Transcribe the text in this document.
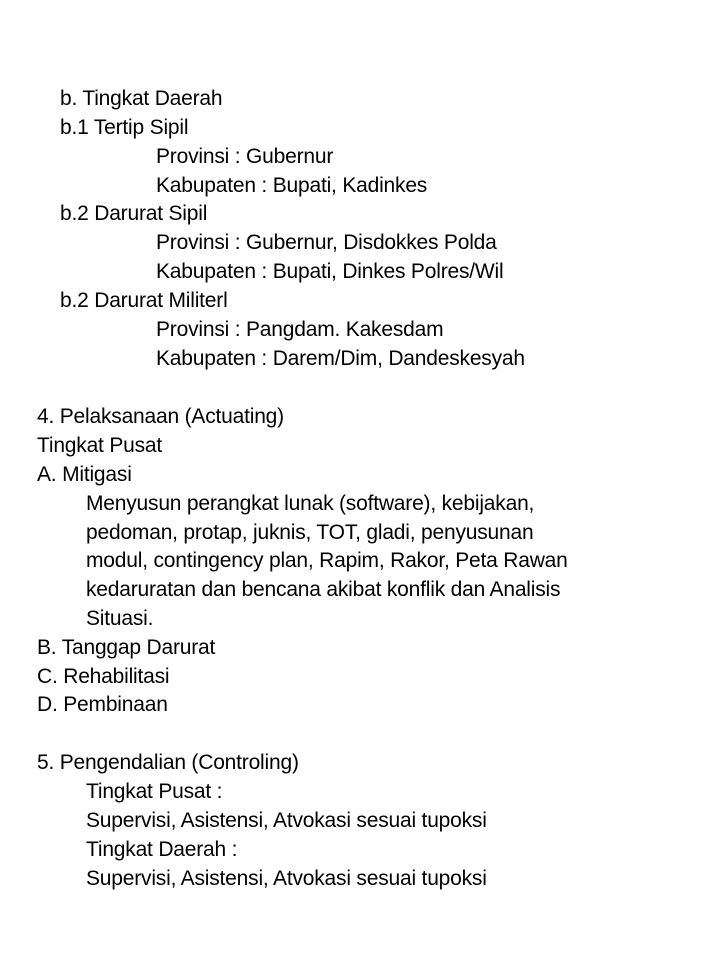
b. Tingkat Daerah
b.1 Tertip Sipil
Provinsi : Gubernur
Kabupaten : Bupati, Kadinkes
b.2 Darurat Sipil
Provinsi : Gubernur, Disdokkes Polda
Kabupaten : Bupati, Dinkes Polres/Wil
b.2 Darurat Militerl
Provinsi : Pangdam. Kakesdam
Kabupaten : Darem/Dim, Dandeskesyah
4. Pelaksanaan (Actuating)
Tingkat Pusat
A. Mitigasi
Menyusun perangkat lunak (software), kebijakan,
pedoman, protap, juknis, TOT, gladi, penyusunan
modul, contingency plan, Rapim, Rakor, Peta Rawan
kedaruratan dan bencana akibat konflik dan Analisis
Situasi.
B. Tanggap Darurat
C. Rehabilitasi
D. Pembinaan
5. Pengendalian (Controling)
Tingkat Pusat :
Supervisi, Asistensi, Atvokasi sesuai tupoksi
Tingkat Daerah :
Supervisi, Asistensi, Atvokasi sesuai tupoksi
